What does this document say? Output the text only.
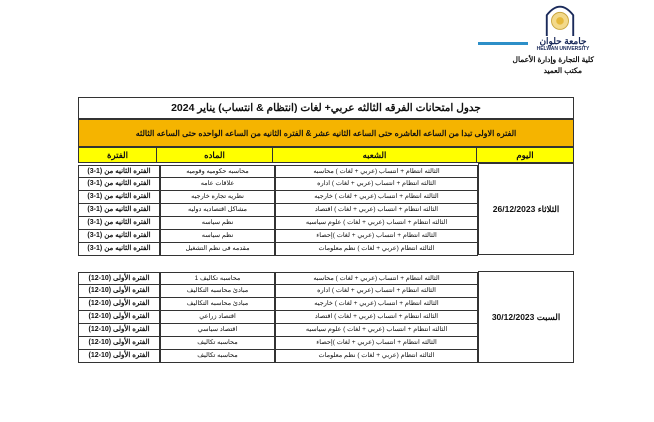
جامعة حلوان
HELWAN UNIVERSITY
كلية التجارة وإدارة الأعمال
مكتب العميد
جدول امتحانات الفرقه الثالثه عربي+ لغات (انتظام & انتساب) يناير 2024
الفتره الاولى تبدا من الساعه العاشره حتى الساعه الثانيه عشر & الفتره الثانيه من الساعه الواحده حتى الساعه الثالثه
اليوم
الشعبه
الماده
الفترة
الثلاثاء 26/12/2023
الثالثه انتظام + انتساب (عربي + لغات ) محاسبه
محاسبه حكوميه وقوميه
الفتره الثانيه من (1-3)
الثالثه انتظام + انتساب (عربي + لغات ) اداره
علاقات عامه
الفتره الثانيه من (1-3)
الثالثه انتظام + انتساب (عربي + لغات ) خارجيه
نظريه تجاره خارجيه
الفتره الثانيه من (1-3)
الثالثه انتظام + انتساب (عربي + لغات ) اقتصاد
مشاكل اقتصاديه دوليه
الفتره الثانيه من (1-3)
الثالثه انتظام + انتساب (عربي + لغات ) علوم سياسيه
نظم سياسه
الفتره الثانيه من (1-3)
الثالثه انتظام + انتساب (عربي + لغات )إحصاء
نظم سياسه
الفتره الثانيه من (1-3)
الثالثه انتظام (عربي + لغات ) نظم معلومات
مقدمه فى نظم التشغيل
الفتره الثانيه من (1-3)
السبت 30/12/2023
الثالثه انتظام + انتساب (عربي + لغات ) محاسبه
محاسبه تكاليف 1
الفتره الأولى (10-12)
الثالثه انتظام + انتساب (عربي + لغات ) اداره
مبادئ محاسبه التكاليف
الفتره الأولى (10-12)
الثالثه انتظام + انتساب (عربي + لغات ) خارجيه
مبادئ محاسبه التكاليف
الفتره الأولى (10-12)
الثالثه انتظام + انتساب (عربي + لغات ) اقتصاد
اقتصاد زراعي
الفتره الأولى (10-12)
الثالثه انتظام + انتساب (عربي + لغات ) علوم سياسيه
اقتصاد سياسي
الفتره الأولى (10-12)
الثالثه انتظام + انتساب (عربي + لغات )إحصاء
محاسبه تكاليف
الفتره الأولى (10-12)
الثالثه انتظام (عربي + لغات ) نظم معلومات
محاسبه تكاليف
الفتره الأولى (10-12)
